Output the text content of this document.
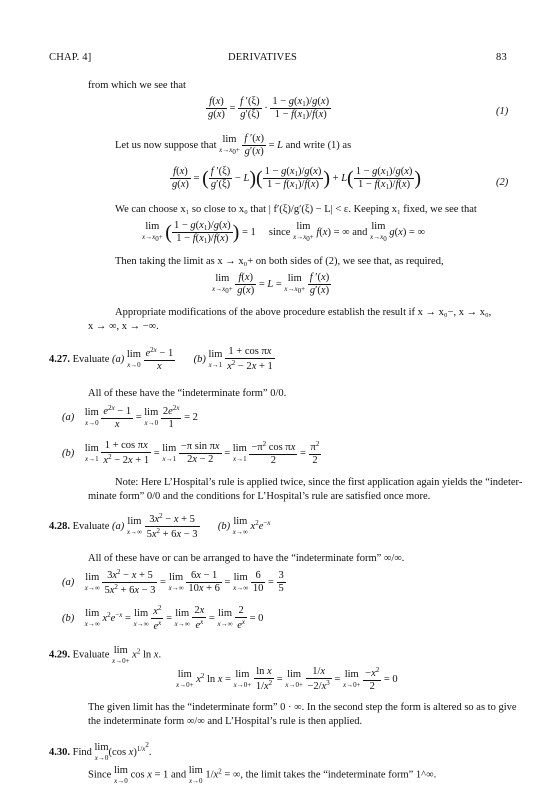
CHAP. 4]	DERIVATIVES	83
from which we see that
$\frac{f(x)}{g(x)} = \frac{f '(\xi)}{g'(\xi)} \cdot \frac{1 - g(x_1)/g(x)}{1 - f(x_1)/f(x)}$	(1)
Let us now suppose that
lim
$x\to x_0+$
$\frac{f '(x)}{g'(x)} = L$ and write (1) as
$\frac{f(x)}{g(x)}$ = ( $\frac{f '(\xi)}{g'(\xi)} - L)( \frac{1 - g(x_1)/g(x)}{1 - f(x_1)/f(x)}$ ) + $L( \frac{1 - g(x_1)/g(x)}{1 - f(x_1)/f(x)}$ )	(2)
We can choose x₁ so close to x₀ that | f′(ξ)/g′(ξ) − L| < ε. Keeping x₁ fixed, we see that
lim
$x\to x_0+$ ( $\frac{1 - g(x_1)/g(x)}{1 - f(x_1)/f(x)}$ ) = 1     since
lim
$x\to x_0+ f(x)$ = ∞ and
lim
$x\to x_0$
g(x) = ∞
Then taking the limit as x → x₀+ on both sides of (2), we see that, as required,
lim
$x\to x_0+$
$\frac{f(x)}{g(x)} = L$ =
lim
$x\to x_0+$
$\frac{f '(x)}{g'(x)}$
Appropriate modifications of the above procedure establish the result if x → x₀−, x → x₀,
x → ∞, x → −∞.
4.27. Evaluate (a) lim
x→0
$\frac{e^{2x} - 1}{x} (b)$ lim
x→1
$\frac{\text{1 + cos πx}}{x^2 - 2x + 1}$
All of these have the “indeterminate form” 0/0.
(a) lim
x→0
$\frac{e^{2x} - 1}{x} = \lim$
x→0
$\frac{2e^{2x}}{1} = 2$
(b) lim
x→1
$\frac{\text{1 + cos πx}}{x^2 - 2x + 1} = \lim$
x→1
$\frac{\text{−π sin πx}}{2x - 2} = \lim$
x→1
$\frac{-\pi^2 \cos \pi x}{2} = \frac{\pi^2}{2}$
Note: Here L’Hospital’s rule is applied twice, since the first application again yields the “indeter-
minate form” 0/0 and the conditions for L’Hospital’s rule are satisfied once more.
4.28. Evaluate (a) lim
x→∞
$\frac{3x^2 - x + 5}{5x^2 + 6x - 3} (b)$ lim
x→∞ $x^2e^{-x}$
All of these have or can be arranged to have the “indeterminate form” ∞/∞.
(a) lim
x→∞
$\frac{3x^2 - x + 5}{5x^2 + 6x - 3} = \lim$
x→∞
$\frac{6x - 1}{10x + 6} = \lim$
x→∞
$\frac{6}{10} = \frac{3}{5}$
(b) lim
x→∞ $x^2e^{-x} = \lim$
x→∞
$\frac{x^2}{e^x} = \lim$
x→∞
$\frac{2x}{e^x} = \lim$
x→∞
$\frac{2}{e^x} = 0$
4.29. Evaluate lim
$x\to 0+ x^2$ ln x.
lim
$x\to 0+ x^2$ ln x = lim
x→0+
$\frac{\text{ln x}}{1/x^2} = \lim$
x→0+
$\frac{1/x}{-2/x^3} = \lim$
x→0+
$\frac{-x^2}{2} = 0$
The given limit has the “indeterminate form” 0 · ∞. In the second step the form is altered so as to give
the indeterminate form ∞/∞ and L’Hospital’s rule is then applied.
4.30. Find lim
x→0 (cos x)$^{1/x^2}$.
Since lim
x→0 cos x = 1 and lim
x→0 $1/x^2$ = ∞, the limit takes the “indeterminate form” 1^∞.
